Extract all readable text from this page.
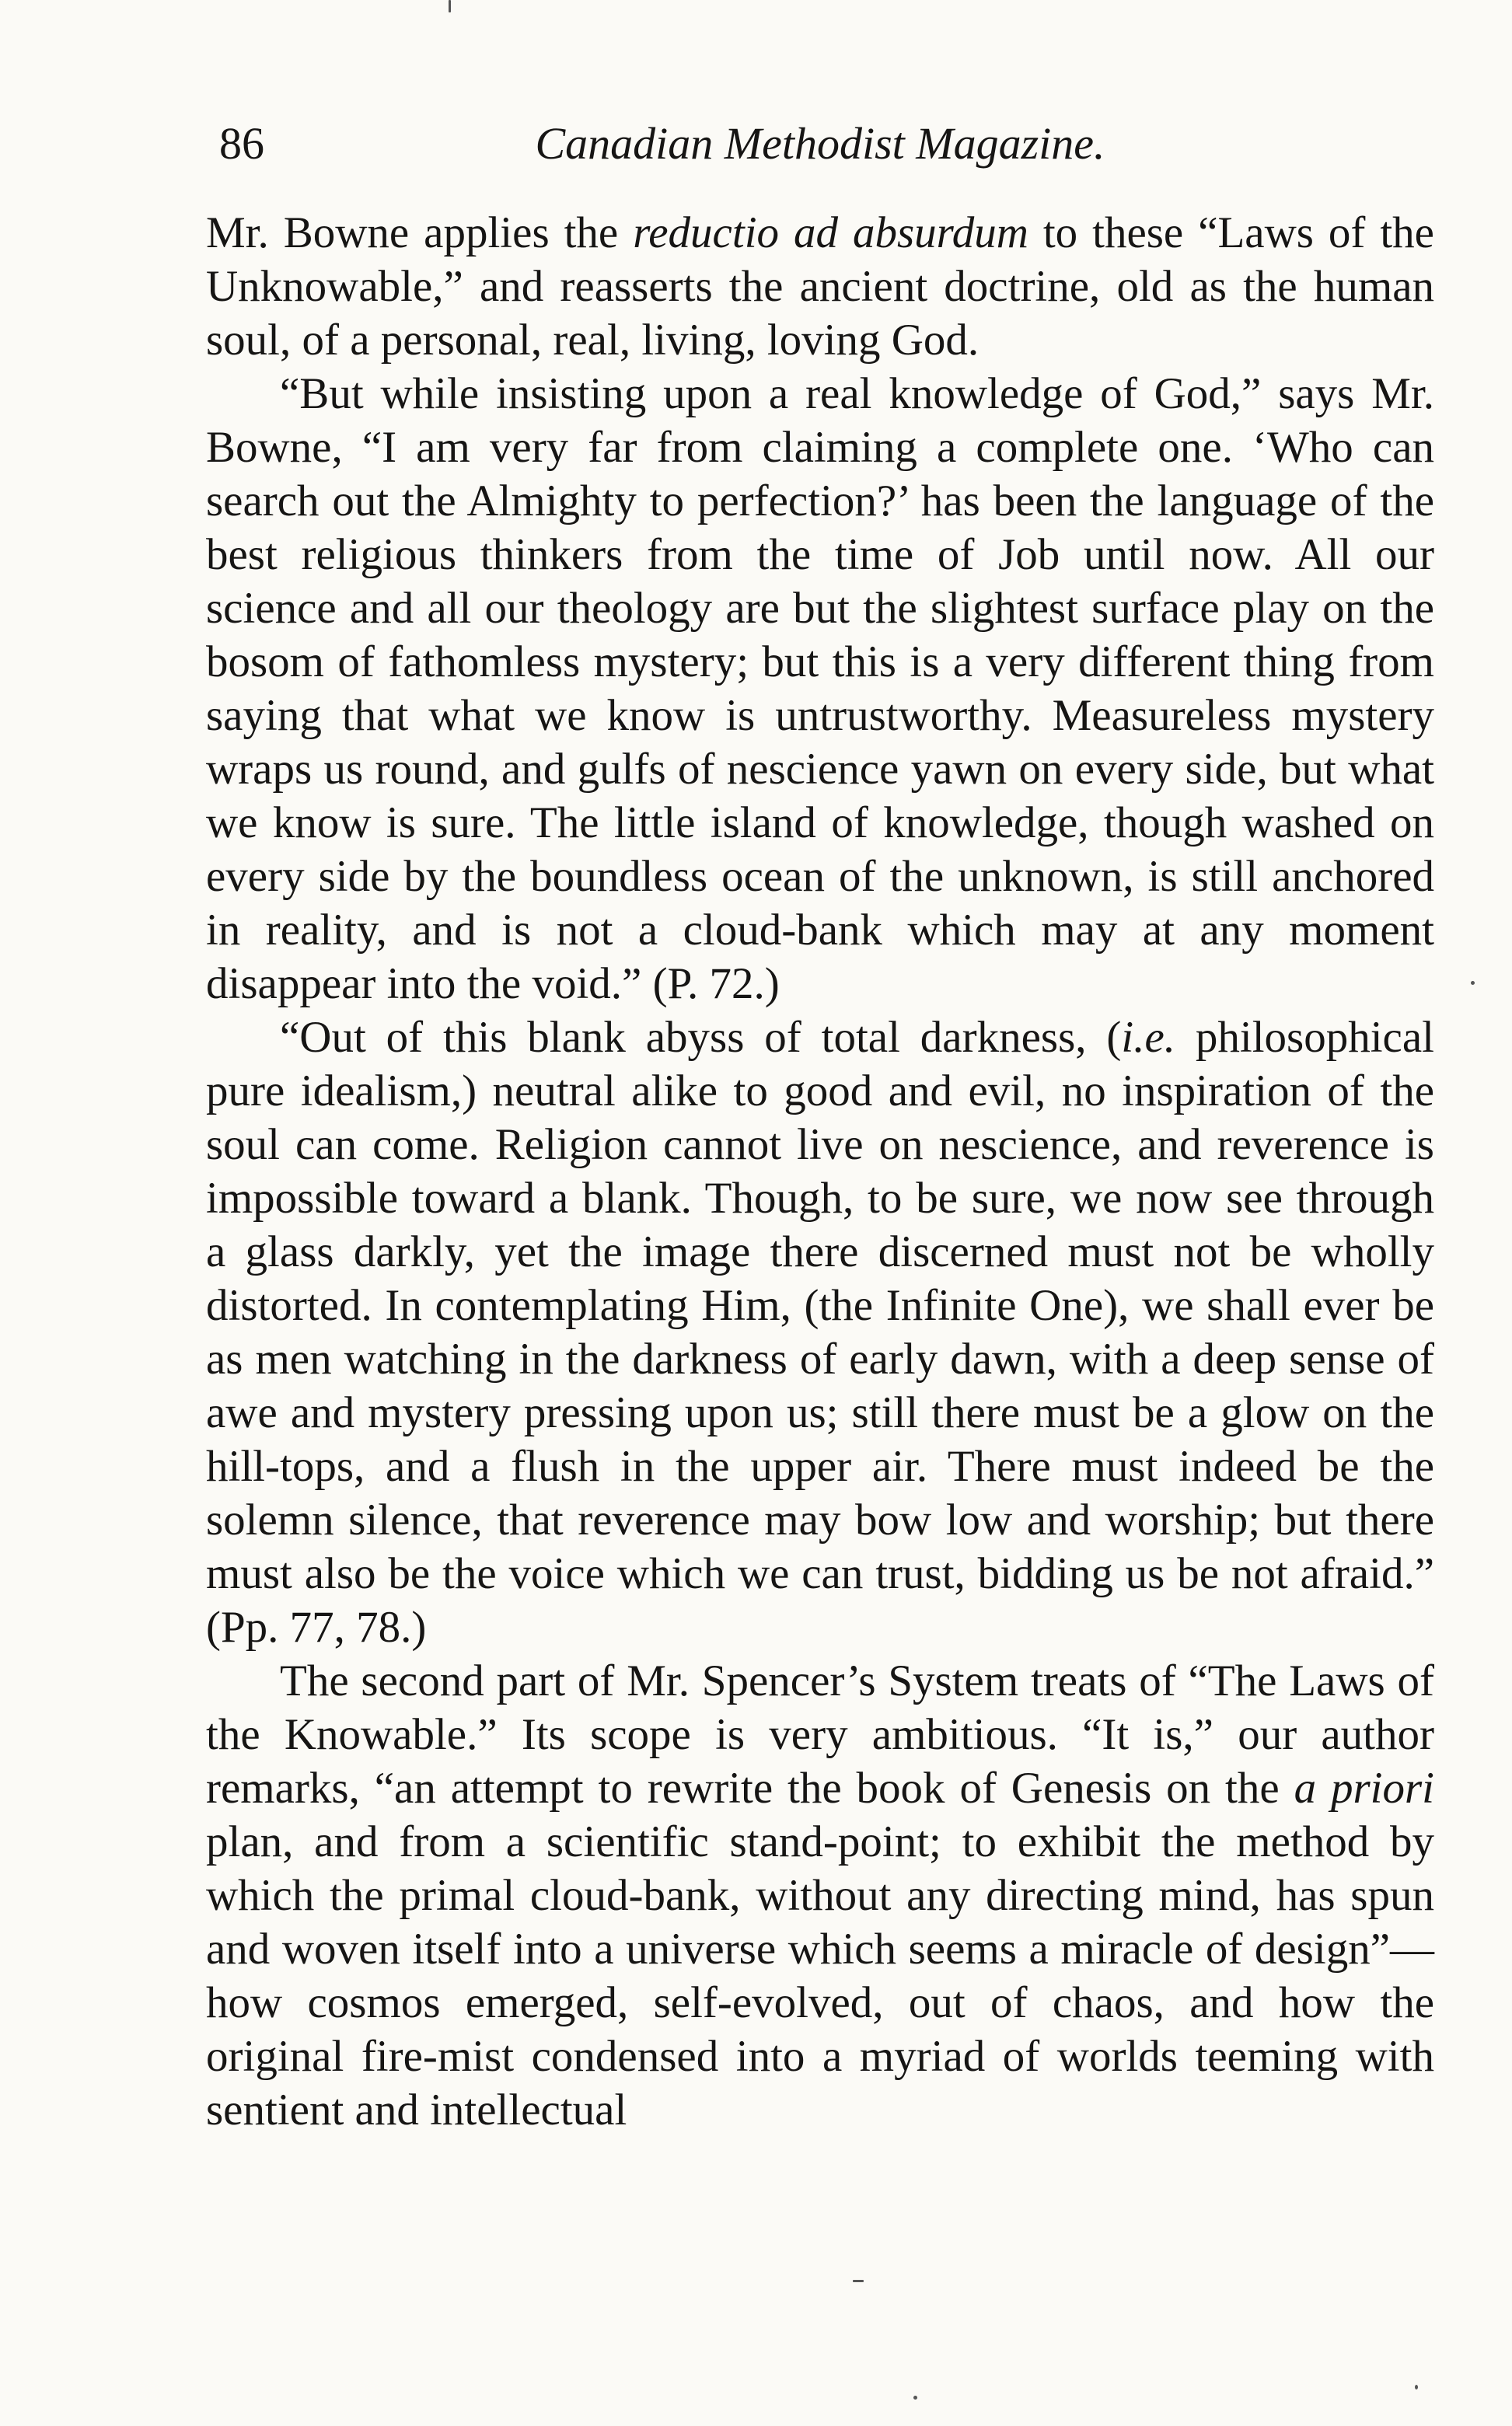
86	Canadian Methodist Magazine.

Mr. Bowne applies the reductio ad absurdum to these “Laws of the Unknowable,” and reasserts the ancient doctrine, old as the human soul, of a personal, real, living, loving God.

“But while insisting upon a real knowledge of God,” says Mr. Bowne, “I am very far from claiming a complete one. ‘Who can search out the Almighty to perfection?’ has been the language of the best religious thinkers from the time of Job until now. All our science and all our theology are but the slightest surface play on the bosom of fathomless mystery; but this is a very different thing from saying that what we know is untrustworthy. Measureless mystery wraps us round, and gulfs of nescience yawn on every side, but what we know is sure. The little island of knowledge, though washed on every side by the boundless ocean of the unknown, is still anchored in reality, and is not a cloud-bank which may at any moment disappear into the void.” (P. 72.)

“Out of this blank abyss of total darkness, (i.e. philosophical pure idealism,) neutral alike to good and evil, no inspiration of the soul can come. Religion cannot live on nescience, and reverence is impossible toward a blank. Though, to be sure, we now see through a glass darkly, yet the image there discerned must not be wholly distorted. In contemplating Him, (the Infinite One), we shall ever be as men watching in the darkness of early dawn, with a deep sense of awe and mystery pressing upon us; still there must be a glow on the hill-tops, and a flush in the upper air. There must indeed be the solemn silence, that reverence may bow low and worship; but there must also be the voice which we can trust, bidding us be not afraid.” (Pp. 77, 78.)

The second part of Mr. Spencer’s System treats of “The Laws of the Knowable.” Its scope is very ambitious. “It is,” our author remarks, “an attempt to rewrite the book of Genesis on the a priori plan, and from a scientific stand-point; to exhibit the method by which the primal cloud-bank, without any directing mind, has spun and woven itself into a universe which seems a miracle of design”—how cosmos emerged, self-evolved, out of chaos, and how the original fire-mist condensed into a myriad of worlds teeming with sentient and intellectual
